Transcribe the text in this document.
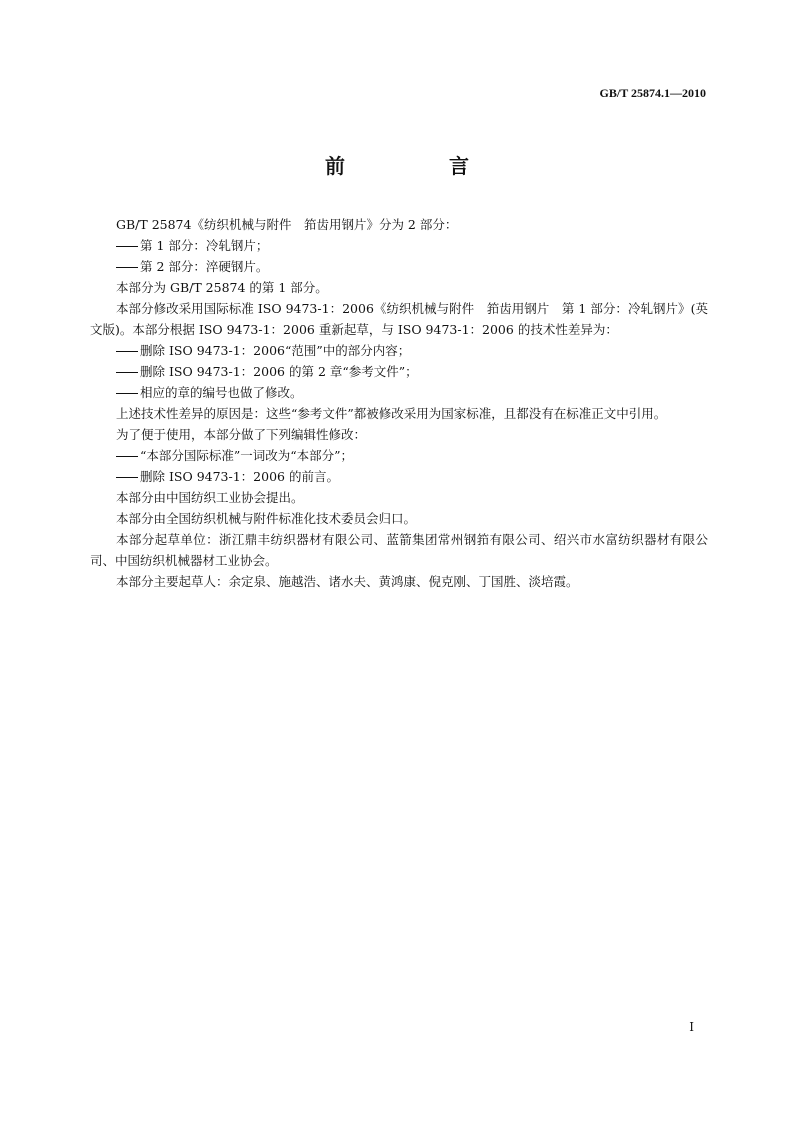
GB/T 25874.1—2010
前　言

GB/T 25874《纺织机械与附件　筘齿用钢片》分为 2 部分：

第 1 部分：冷轧钢片；

第 2 部分：淬硬钢片。

本部分为 GB/T 25874 的第 1 部分。

本部分修改采用国际标准 ISO 9473-1：2006《纺织机械与附件　筘齿用钢片　第 1 部分：冷轧钢片》(英文版)。本部分根据 ISO 9473-1：2006 重新起草，与 ISO 9473-1：2006 的技术性差异为：

删除 ISO 9473-1：2006“范围”中的部分内容；

删除 ISO 9473-1：2006 的第 2 章“参考文件”；

相应的章的编号也做了修改。

上述技术性差异的原因是：这些“参考文件”都被修改采用为国家标准，且都没有在标准正文中引用。

为了便于使用，本部分做了下列编辑性修改：

“本部分国际标准”一词改为“本部分”；

删除 ISO 9473-1：2006 的前言。

本部分由中国纺织工业协会提出。

本部分由全国纺织机械与附件标准化技术委员会归口。

本部分起草单位：浙江鼎丰纺织器材有限公司、蓝箭集团常州钢筘有限公司、绍兴市水富纺织器材有限公司、中国纺织机械器材工业协会。

本部分主要起草人：余定泉、施越浩、诸水夫、黄鸿康、倪克刚、丁国胜、淡培霞。

I
